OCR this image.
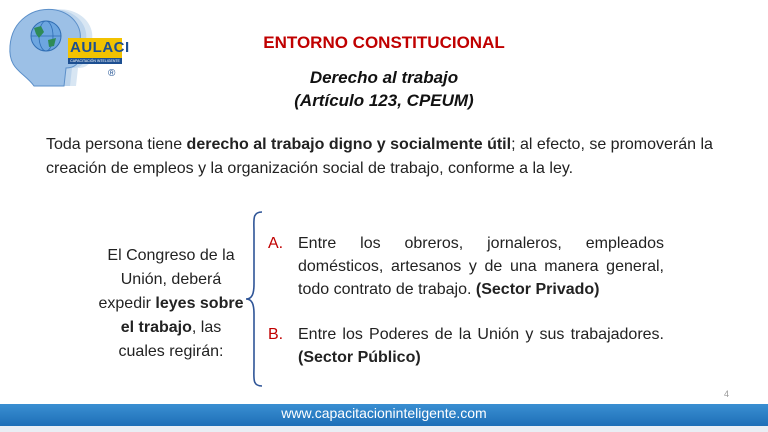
AULACI
CAPACITACIÓN INTELIGENTE
®
ENTORNO CONSTITUCIONAL
Derecho al trabajo
(Artículo 123, CPEUM)
Toda persona tiene derecho al trabajo digno y socialmente útil; al efecto, se promoverán la creación de empleos y la organización social de trabajo, conforme a la ley.
El Congreso de la Unión, deberá expedir leyes sobre el trabajo, las cuales regirán:
A. Entre los obreros, jornaleros, empleados domésticos, artesanos y de una manera general, todo contrato de trabajo. (Sector Privado)
B. Entre los Poderes de la Unión y sus trabajadores. (Sector Público)
4
www.capacitacioninteligente.com
